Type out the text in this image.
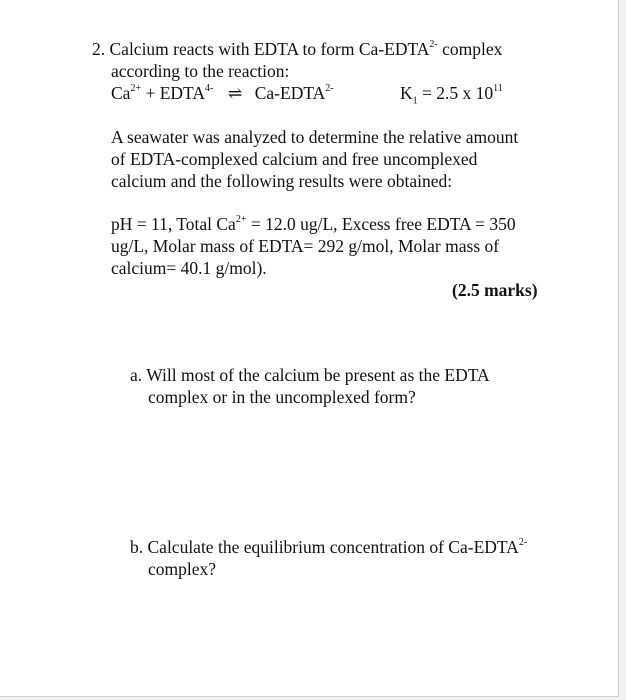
2. Calcium reacts with EDTA to form $Ca-EDTA^{2-}$ complex
according to the reaction:
$Ca^{2+}$ + $EDTA^{4-}$ ⇌ $Ca-EDTA^{2-}$	$K_1 = 2.5$ x $10^{11}$
A seawater was analyzed to determine the relative amount
of EDTA-complexed calcium and free uncomplexed
calcium and the following results were obtained:
pH = 11, Total $Ca^{2+} = 12.0$ ug/L, Excess free EDTA = 350
ug/L, Molar mass of EDTA= 292 g/mol, Molar mass of
calcium= 40.1 g/mol).
(2.5 marks)
a. Will most of the calcium be present as the EDTA
complex or in the uncomplexed form?
b. Calculate the equilibrium concentration of $Ca-EDTA^{2-}$
complex?
